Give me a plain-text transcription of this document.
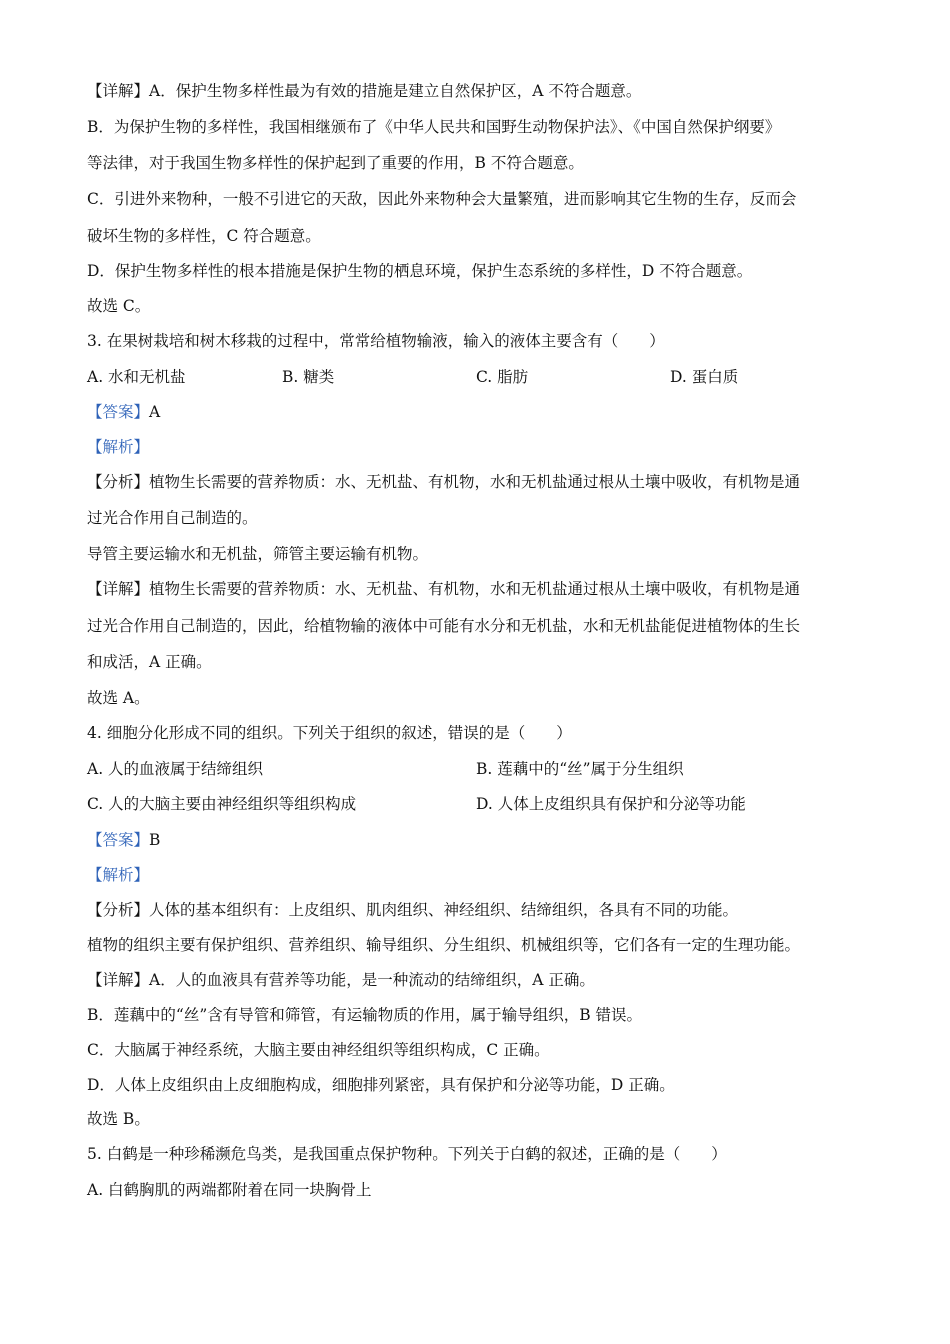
【详解】A．保护生物多样性最为有效的措施是建立自然保护区，A 不符合题意。
B．为保护生物的多样性，我国相继颁布了《中华人民共和国野生动物保护法》、《中国自然保护纲要》
等法律，对于我国生物多样性的保护起到了重要的作用，B 不符合题意。
C．引进外来物种，一般不引进它的天敌，因此外来物种会大量繁殖，进而影响其它生物的生存，反而会
破坏生物的多样性，C 符合题意。
D．保护生物多样性的根本措施是保护生物的栖息环境，保护生态系统的多样性，D 不符合题意。
故选 C。
3. 在果树栽培和树木移栽的过程中，常常给植物输液，输入的液体主要含有（　　）
A. 水和无机盐	B. 糖类	C. 脂肪	D. 蛋白质
【答案】A
【解析】
【分析】植物生长需要的营养物质：水、无机盐、有机物，水和无机盐通过根从土壤中吸收，有机物是通
过光合作用自己制造的。
导管主要运输水和无机盐，筛管主要运输有机物。
【详解】植物生长需要的营养物质：水、无机盐、有机物，水和无机盐通过根从土壤中吸收，有机物是通
过光合作用自己制造的，因此，给植物输的液体中可能有水分和无机盐，水和无机盐能促进植物体的生长
和成活，A 正确。
故选 A。
4. 细胞分化形成不同的组织。下列关于组织的叙述，错误的是（　　）
A. 人的血液属于结缔组织	B. 莲藕中的“丝”属于分生组织
C. 人的大脑主要由神经组织等组织构成	D. 人体上皮组织具有保护和分泌等功能
【答案】B
【解析】
【分析】人体的基本组织有：上皮组织、肌肉组织、神经组织、结缔组织，各具有不同的功能。
植物的组织主要有保护组织、营养组织、输导组织、分生组织、机械组织等，它们各有一定的生理功能。
【详解】A．人的血液具有营养等功能，是一种流动的结缔组织，A 正确。
B．莲藕中的“丝”含有导管和筛管，有运输物质的作用，属于输导组织，B 错误。
C．大脑属于神经系统，大脑主要由神经组织等组织构成，C 正确。
D．人体上皮组织由上皮细胞构成，细胞排列紧密，具有保护和分泌等功能，D 正确。
故选 B。
5. 白鹤是一种珍稀濒危鸟类，是我国重点保护物种。下列关于白鹤的叙述，正确的是（　　）
A. 白鹤胸肌的两端都附着在同一块胸骨上
